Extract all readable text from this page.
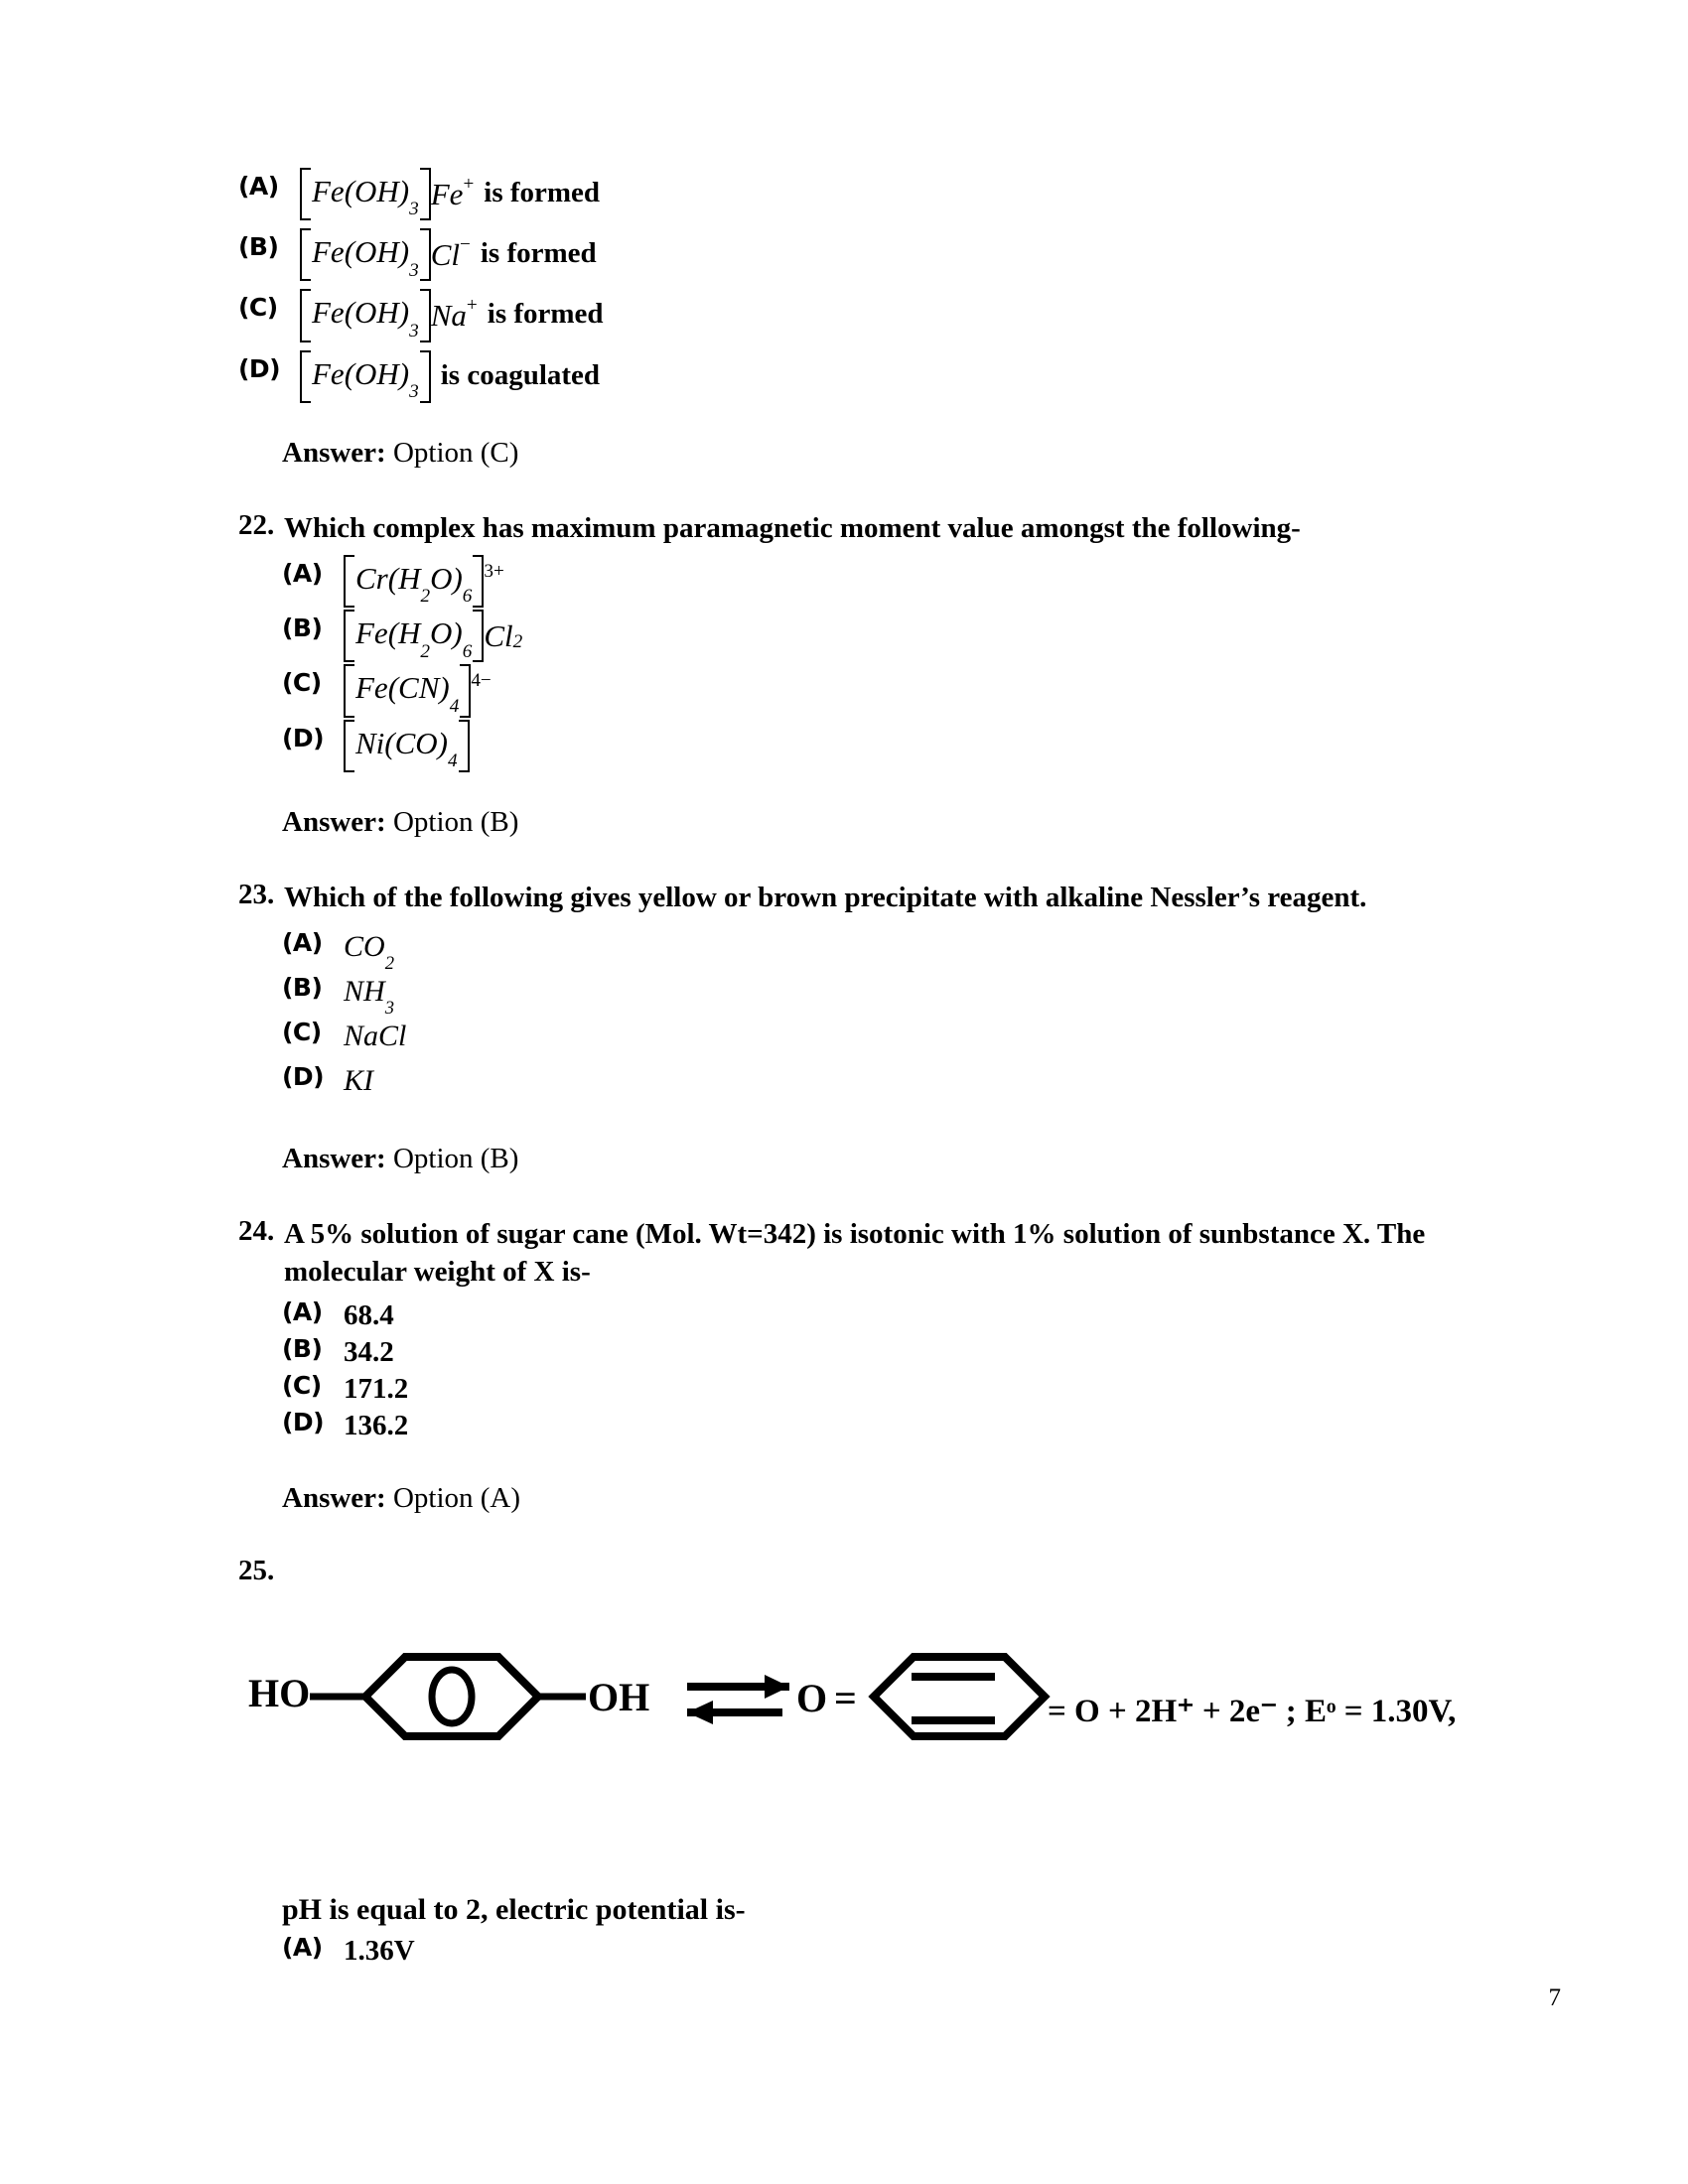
(A)	$Fe(OH)_3$ Fe + is formed
(B)	$Fe(OH)_3$ Cl − is formed
(C)	$Fe(OH)_3$ Na + is formed
(D)	$Fe(OH)_3$
is coagulated
Answer: Option (C)
22. Which complex has maximum paramagnetic moment value amongst the following-
(A)	$Cr(H_2O)_6$
3+
(B)	$Fe(H_2O)_6$ Cl 2
(C)	$Fe(CN)_4$
4−
(D)	$Ni(CO)_4$
Answer: Option (B)
23. Which of the following gives yellow or brown precipitate with alkaline Nessler’s reagent.
(A) $CO_2$
(B) $NH_3$
(C) NaCl
(D) KI
Answer: Option (B)
24. A 5% solution of sugar cane (Mol. Wt=342) is isotonic with 1% solution of sunbstance X. The molecular weight of X is-
(A) 68.4
(B) 34.2
(C) 171.2
(D) 136.2
Answer: Option (A)
25.
HO	OH	O =	= O + 2H⁺ + 2e⁻ ; Eᵒ = 1.30V,
pH is equal to 2, electric potential is-
(A) 1.36V
7
